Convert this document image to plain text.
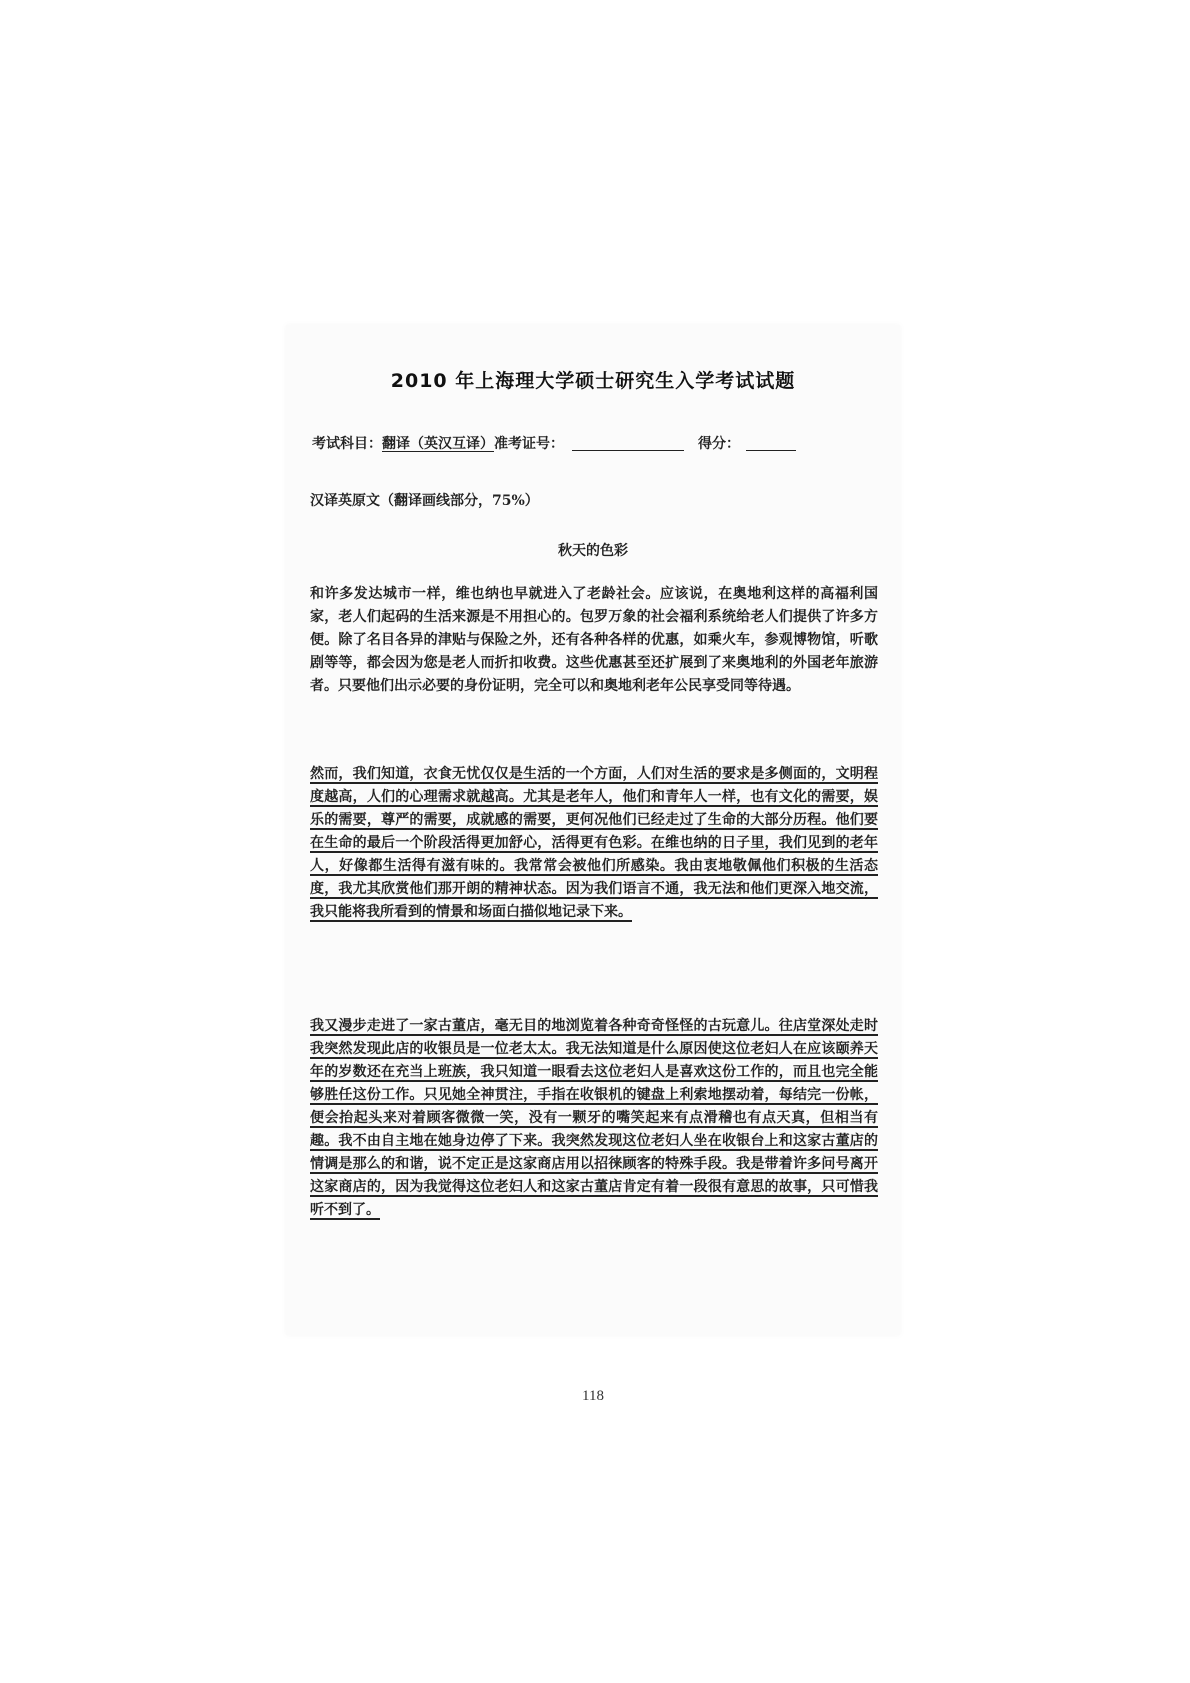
2010 年上海理大学硕士研究生入学考试试题
考试科目：翻译（英汉互译）准考证号：	得分：
汉译英原文（翻译画线部分，75%）
秋天的色彩
和许多发达城市一样，维也纳也早就进入了老龄社会。应该说，在奥地利这样的高福利国家，老人们起码的生活来源是不用担心的。包罗万象的社会福利系统给老人们提供了许多方便。除了名目各异的津贴与保险之外，还有各种各样的优惠，如乘火车，参观博物馆，听歌剧等等，都会因为您是老人而折扣收费。这些优惠甚至还扩展到了来奥地利的外国老年旅游者。只要他们出示必要的身份证明，完全可以和奥地利老年公民享受同等待遇。
然而，我们知道，衣食无忧仅仅是生活的一个方面，人们对生活的要求是多侧面的，文明程度越高，人们的心理需求就越高。尤其是老年人，他们和青年人一样，也有文化的需要，娱乐的需要，尊严的需要，成就感的需要，更何况他们已经走过了生命的大部分历程。他们要在生命的最后一个阶段活得更加舒心，活得更有色彩。在维也纳的日子里，我们见到的老年人，好像都生活得有滋有味的。我常常会被他们所感染。我由衷地敬佩他们积极的生活态度，我尤其欣赏他们那开朗的精神状态。因为我们语言不通，我无法和他们更深入地交流，我只能将我所看到的情景和场面白描似地记录下来。
我又漫步走进了一家古董店，毫无目的地浏览着各种奇奇怪怪的古玩意儿。往店堂深处走时我突然发现此店的收银员是一位老太太。我无法知道是什么原因使这位老妇人在应该颐养天年的岁数还在充当上班族，我只知道一眼看去这位老妇人是喜欢这份工作的，而且也完全能够胜任这份工作。只见她全神贯注，手指在收银机的键盘上利索地摆动着，每结完一份帐，便会抬起头来对着顾客微微一笑，没有一颗牙的嘴笑起来有点滑稽也有点天真，但相当有趣。我不由自主地在她身边停了下来。我突然发现这位老妇人坐在收银台上和这家古董店的情调是那么的和谐，说不定正是这家商店用以招徕顾客的特殊手段。我是带着许多问号离开这家商店的，因为我觉得这位老妇人和这家古董店肯定有着一段很有意思的故事，只可惜我听不到了。
118
